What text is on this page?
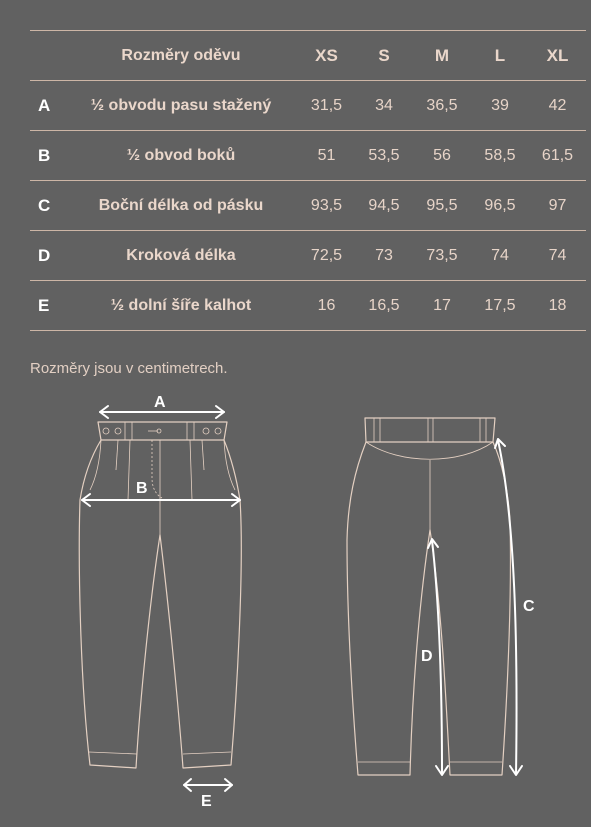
	Rozměry oděvu	XS	S	M	L	XL
A	½ obvodu pasu stažený	31,5	34	36,5	39	42
B	½ obvod boků	51	53,5	56	58,5	61,5
C	Boční délka od pásku	93,5	94,5	95,5	96,5	97
D	Kroková délka	72,5	73	73,5	74	74
E	½ dolní šíře kalhot	16	16,5	17	17,5	18
Rozměry jsou v centimetrech.
A
B
E
C
D
